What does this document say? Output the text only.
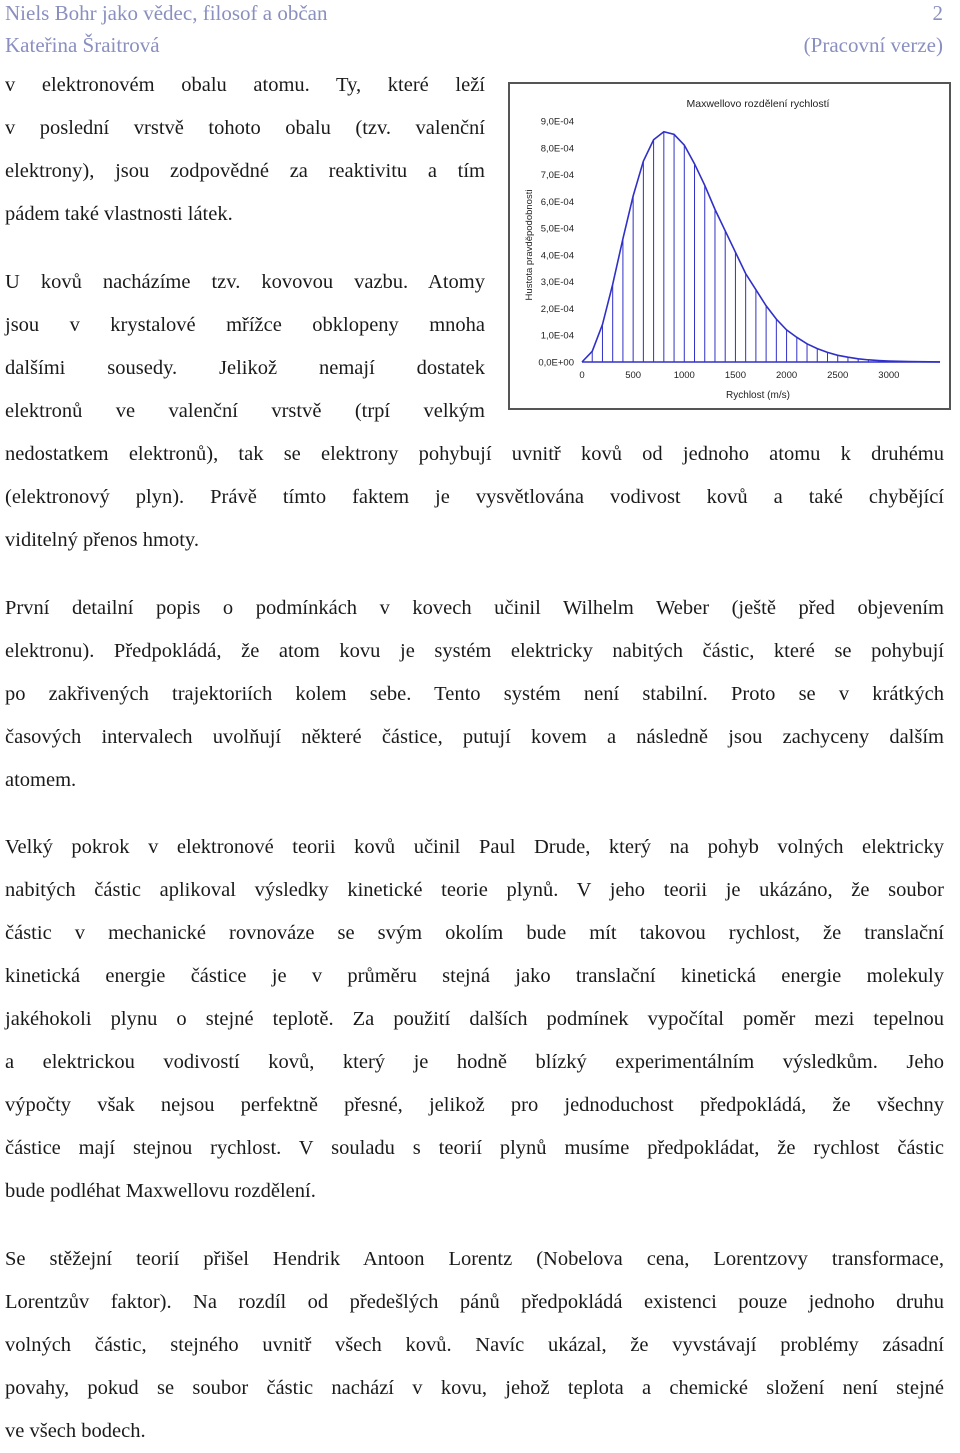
Niels Bohr jako vědec, filosof a občan
Kateřina Šraitrová
2
(Pracovní verze)
v elektronovém obalu atomu. Ty, které leží
v poslední vrstvě tohoto obalu (tzv. valenční
elektrony), jsou zodpovědné za reaktivitu a tím
pádem také vlastnosti látek.
U kovů nacházíme tzv. kovovou vazbu. Atomy
jsou v krystalové mřížce obklopeny mnoha
dalšími sousedy. Jelikož nemají dostatek
elektronů ve valenční vrstvě (trpí velkým
nedostatkem elektronů), tak se elektrony pohybují uvnitř kovů od jednoho atomu k druhému
(elektronový plyn). Právě tímto faktem je vysvětlována vodivost kovů a také chybějící
viditelný přenos hmoty.
První detailní popis o podmínkách v kovech učinil Wilhelm Weber (ještě před objevením
elektronu). Předpokládá, že atom kovu je systém elektricky nabitých částic, které se pohybují
po zakřivených trajektoriích kolem sebe. Tento systém není stabilní. Proto se v krátkých
časových intervalech uvolňují některé částice, putují kovem a následně jsou zachyceny dalším
atomem.
Velký pokrok v elektronové teorii kovů učinil Paul Drude, který na pohyb volných elektricky
nabitých částic aplikoval výsledky kinetické teorie plynů. V jeho teorii je ukázáno, že soubor
částic v mechanické rovnováze se svým okolím bude mít takovou rychlost, že translační
kinetická energie částice je v průměru stejná jako translační kinetická energie molekuly
jakéhokoli plynu o stejné teplotě. Za použití dalších podmínek vypočítal poměr mezi tepelnou
a elektrickou vodivostí kovů, který je hodně blízký experimentálním výsledkům. Jeho
výpočty však nejsou perfektně přesné, jelikož pro jednoduchost předpokládá, že všechny
částice mají stejnou rychlost. V souladu s teorií plynů musíme předpokládat, že rychlost částic
bude podléhat Maxwellovu rozdělení.
Se stěžejní teorií přišel Hendrik Antoon Lorentz (Nobelova cena, Lorentzovy transformace,
Lorentzův faktor). Na rozdíl od předešlých pánů předpokládá existenci pouze jednoho druhu
volných částic, stejného uvnitř všech kovů. Navíc ukázal, že vyvstávají problémy zásadní
povahy, pokud se soubor částic nachází v kovu, jehož teplota a chemické složení není stejné
ve všech bodech.
Maxwellovo rozdělení rychlostí
Rychlost (m/s)
Hustota pravděpodobnosti
0,0E+00
1,0E-04
2,0E-04
3,0E-04
4,0E-04
5,0E-04
6,0E-04
7,0E-04
8,0E-04
9,0E-04
0	500	1000	1500	2000	2500	3000
